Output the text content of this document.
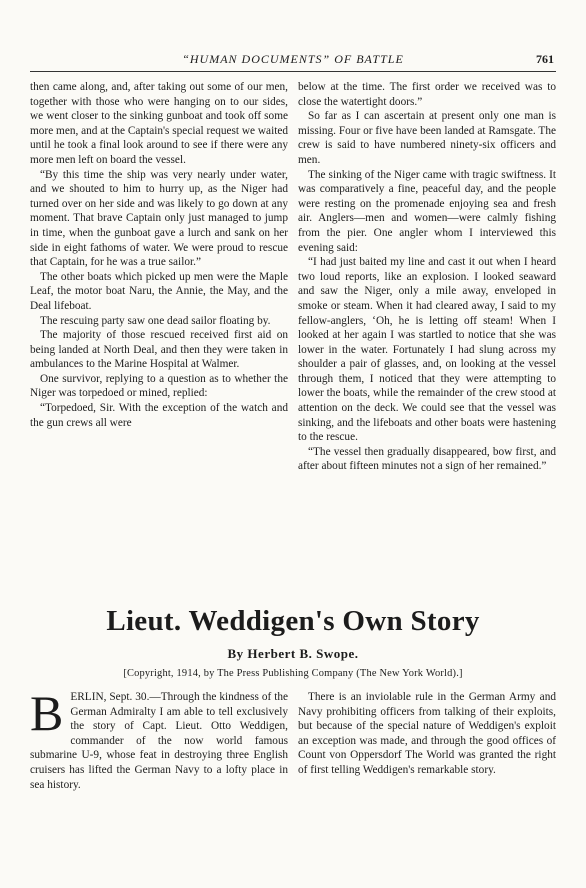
“HUMAN DOCUMENTS” OF BATTLE	761

then came along, and, after taking out some of our men, together with those who were hanging on to our sides, we went closer to the sinking gunboat and took off some more men, and at the Captain's special request we waited until he took a final look around to see if there were any more men left on board the vessel.

“By this time the ship was very nearly under water, and we shouted to him to hurry up, as the Niger had turned over on her side and was likely to go down at any moment. That brave Captain only just managed to jump in time, when the gunboat gave a lurch and sank on her side in eight fathoms of water. We were proud to rescue that Captain, for he was a true sailor.”

The other boats which picked up men were the Maple Leaf, the motor boat Naru, the Annie, the May, and the Deal lifeboat.

The rescuing party saw one dead sailor floating by.

The majority of those rescued received first aid on being landed at North Deal, and then they were taken in ambulances to the Marine Hospital at Walmer.

One survivor, replying to a question as to whether the Niger was torpedoed or mined, replied:

“Torpedoed, Sir. With the exception of the watch and the gun crews all were

below at the time. The first order we received was to close the watertight doors.”

So far as I can ascertain at present only one man is missing. Four or five have been landed at Ramsgate. The crew is said to have numbered ninety-six officers and men.

The sinking of the Niger came with tragic swiftness. It was comparatively a fine, peaceful day, and the people were resting on the promenade enjoying sea and fresh air. Anglers—men and women—were calmly fishing from the pier. One angler whom I interviewed this evening said:

“I had just baited my line and cast it out when I heard two loud reports, like an explosion. I looked seaward and saw the Niger, only a mile away, enveloped in smoke or steam. When it had cleared away, I said to my fellow-anglers, ‘Oh, he is letting off steam! When I looked at her again I was startled to notice that she was lower in the water. Fortunately I had slung across my shoulder a pair of glasses, and, on looking at the vessel through them, I noticed that they were attempting to lower the boats, while the remainder of the crew stood at attention on the deck. We could see that the vessel was sinking, and the lifeboats and other boats were hastening to the rescue.

“The vessel then gradually disappeared, bow first, and after about fifteen minutes not a sign of her remained.”

Lieut. Weddigen's Own Story
By Herbert B. Swope.
[Copyright, 1914, by The Press Publishing Company (The New York World).]
B ERLIN, Sept. 30.—Through the kindness of the German Admiralty I am able to tell exclusively the story of Capt. Lieut. Otto Weddigen, commander of the now world famous submarine U-9, whose feat in destroying three English cruisers has lifted the German Navy to a lofty place in sea history.

There is an inviolable rule in the German Army and Navy prohibiting officers from talking of their exploits, but because of the special nature of Weddigen's exploit an exception was made, and through the good offices of Count von Oppersdorf The World was granted the right of first telling Weddigen's remarkable story.
